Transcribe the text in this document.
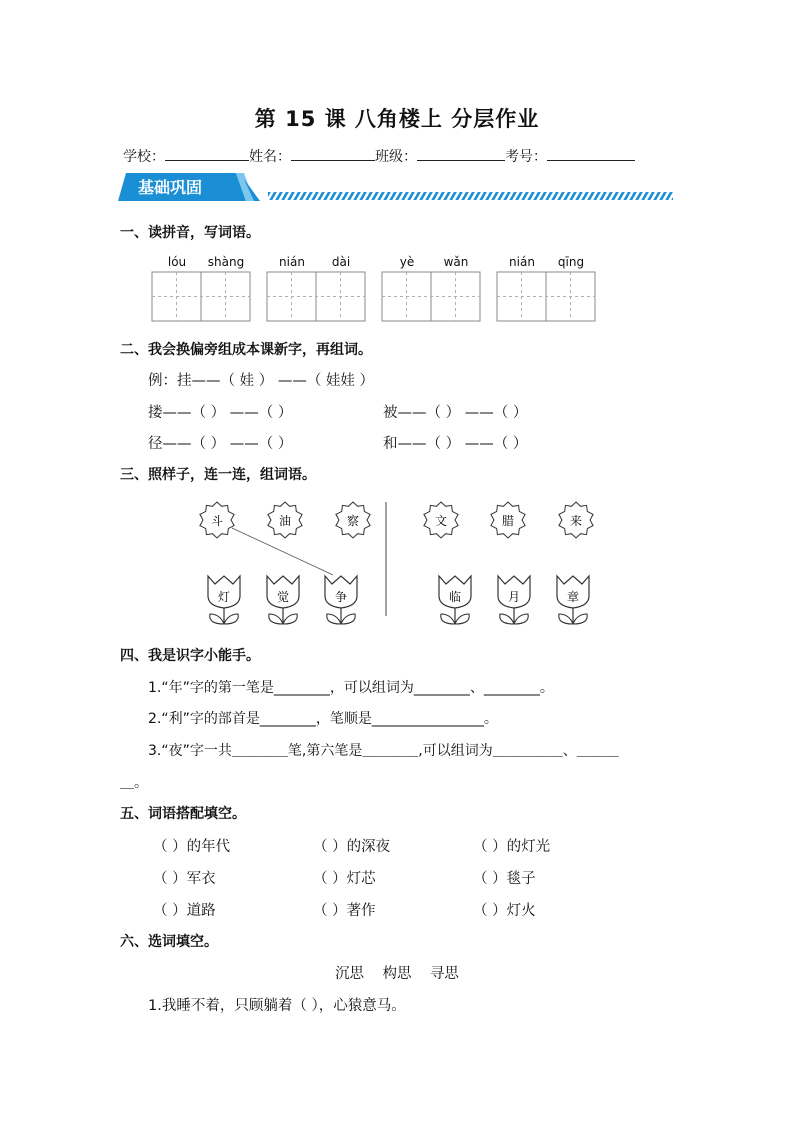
第 15 课 八角楼上 分层作业
学校：	姓名：	班级：	考号：
基础巩固
一、读拼音，写词语。
lóu	shàng	nián	dài	yè	wǎn	nián	qīng
二、我会换偏旁组成本课新字，再组词。
例：挂——（ 娃 ） ——（ 娃娃 ）
搂——（ ） ——（ ）	被——（ ） ——（ ）
径——（ ） ——（ ）	和——（ ） ——（ ）
三、照样子，连一连，组词语。
斗	油	察	文	腊	来
灯	觉	争	临	月	章
四、我是识字小能手。
1.“年”字的第一笔是________，可以组词为________、________。
2.“利”字的部首是________，笔顺是________________。
3.“夜”字一共＿＿＿＿笔,第六笔是＿＿＿＿,可以组词为＿＿＿＿＿、＿＿＿
＿。
五、词语搭配填空。
（ ）的年代	（ ）的深夜	（ ）的灯光
（ ）军衣	（ ）灯芯	（ ）毯子
（ ）道路	（ ）著作	（ ）灯火
六、选词填空。
沉思    构思    寻思
1.我睡不着，只顾躺着（ ），心猿意马。
